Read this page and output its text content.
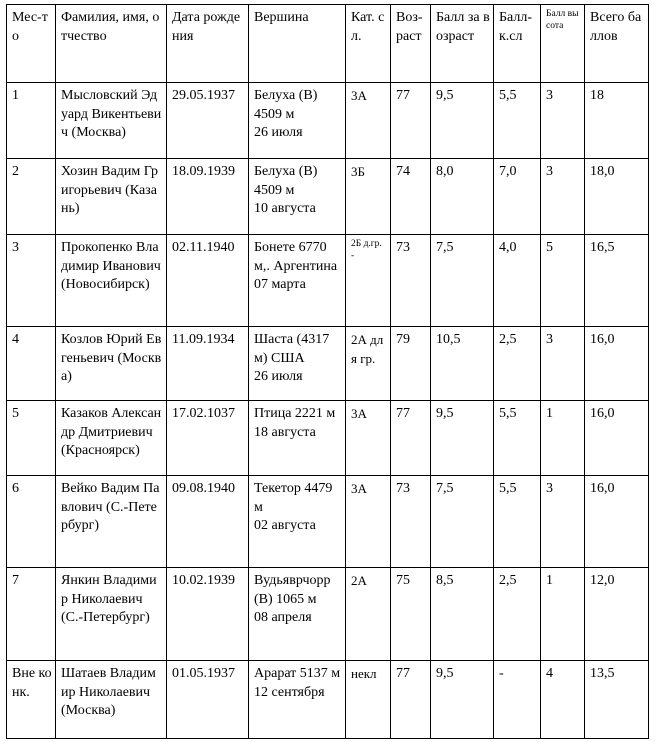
Мес-то	Фамилия, имя, отчество	Дата рождения	Вершина	Кат. сл.	Воз-раст	Балл за возраст	Балл-к.сл	Балл высота	Всего баллов
1	Мысловский Эдуард Викентьевич (Москва)	29.05.1937	Белуха (В)
4509 м
26 июля	3А	77	9,5	5,5	3	18
2	Хозин Вадим Григорьевич (Казань)	18.09.1939	Белуха (В)
4509 м
10 августа	3Б	74	8,0	7,0	3	18,0
3	Прокопенко Владимир Иванович (Новосибирск)	02.11.1940	Бонете 6770 м,. Аргентина
07 марта	2Б д.гр. -	73	7,5	4,0	5	16,5
4	Козлов Юрий Евгеньевич (Москва)	11.09.1934	Шаста (4317м) США
26 июля	2А для гр.	79	10,5	2,5	3	16,0
5	Казаков Александр Дмитриевич (Красноярск)	17.02.1037	Птица 2221 м
18 августа	3А	77	9,5	5,5	1	16,0
6	Вейко Вадим Павлович (С.-Петербург)	09.08.1940	Текетор 4479 м
02 августа	3А	73	7,5	5,5	3	16,0
7	Янкин Владимир Николаевич (С.-Петербург)	10.02.1939	Вудьяврчорр (В) 1065 м
08 апреля	2А	75	8,5	2,5	1	12,0
Вне конк.	Шатаев Владимир Николаевич (Москва)	01.05.1937	Арарат 5137 м
12 сентября	некл	77	9,5	-	4	13,5
